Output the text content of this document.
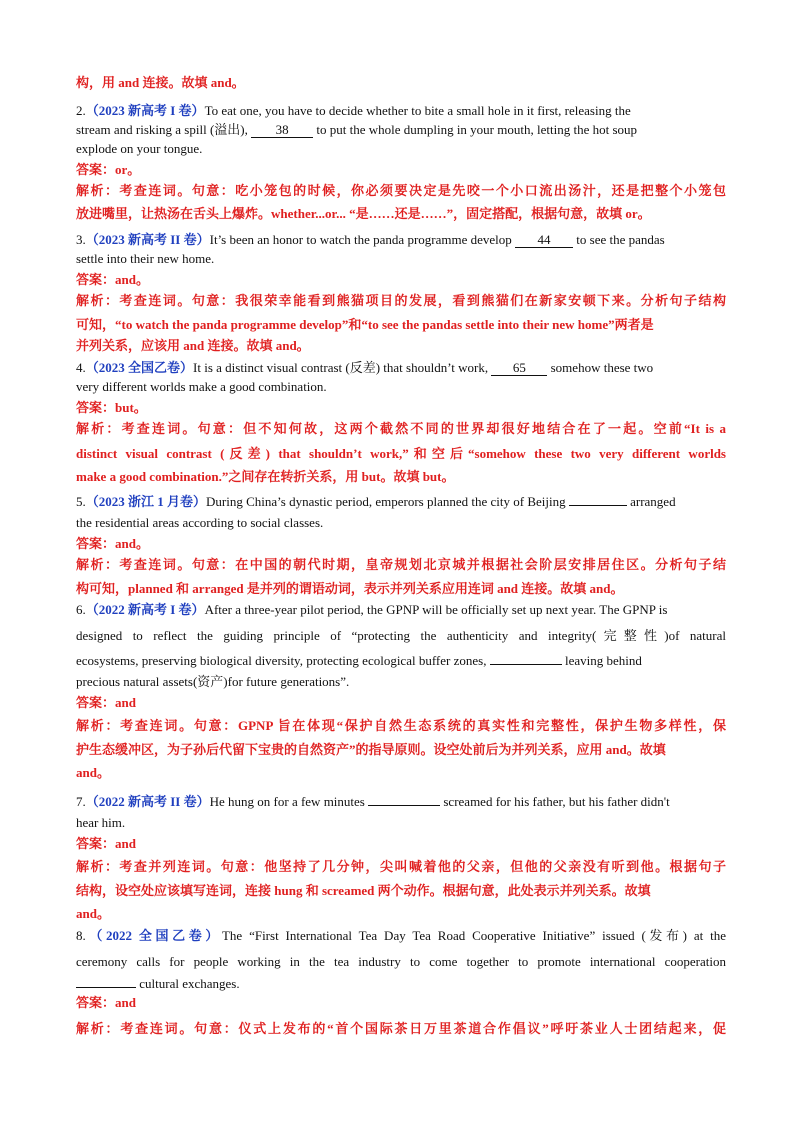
构，用 and 连接。故填 and。
2.（2023 新高考 I 卷）To eat one, you have to decide whether to bite a small hole in it first, releasing the
stream and risking a spill (溢出), 38 to put the whole dumpling in your mouth, letting the hot soup
explode on your tongue.
答案：or。
解析：考查连词。句意：吃小笼包的时候，你必须要决定是先咬一个小口流出汤汁，还是把整个小笼包
放进嘴里，让热汤在舌头上爆炸。whether...or... “是……还是……”，固定搭配，根据句意，故填 or。
3.（2023 新高考 II 卷）It’s been an honor to watch the panda programme develop 44 to see the pandas
settle into their new home.
答案：and。
解析：考查连词。句意：我很荣幸能看到熊猫项目的发展，看到熊猫们在新家安顿下来。分析句子结构
可知，“to watch the panda programme develop”和“to see the pandas settle into their new home”两者是
并列关系，应该用 and 连接。故填 and。
4.（2023 全国乙卷）It is a distinct visual contrast (反差) that shouldn’t work, 65 somehow these two
very different worlds make a good combination.
答案：but。
解析：考查连词。句意：但不知何故，这两个截然不同的世界却很好地结合在了一起。空前“It is a
distinct visual contrast (反差) that shouldn’t work,”和空后“somehow these two very different worlds
make a good combination.”之间存在转折关系，用 but。故填 but。
5.（2023 浙江 1 月卷）During China’s dynastic period, emperors planned the city of Beijing	arranged
the residential areas according to social classes.
答案：and。
解析：考查连词。句意：在中国的朝代时期，皇帝规划北京城并根据社会阶层安排居住区。分析句子结
构可知，planned 和 arranged 是并列的谓语动词，表示并列关系应用连词 and 连接。故填 and。
6.（2022 新高考 I 卷）After a three-year pilot period, the GPNP will be officially set up next year. The GPNP is
designed to reflect the guiding principle of “protecting the authenticity and integrity(完整性)of natural
ecosystems, preserving biological diversity, protecting ecological buffer zones,	leaving behind
precious natural assets(资产)for future generations”.
答案：and
解析：考查连词。句意：GPNP 旨在体现“保护自然生态系统的真实性和完整性，保护生物多样性，保
护生态缓冲区，为子孙后代留下宝贵的自然资产”的指导原则。设空处前后为并列关系，应用 and。故填
and。
7.（2022 新高考 II 卷）He hung on for a few minutes	screamed for his father, but his father didn't
hear him.
答案：and
解析：考查并列连词。句意：他坚持了几分钟，尖叫喊着他的父亲，但他的父亲没有听到他。根据句子
结构，设空处应该填写连词，连接 hung 和 screamed 两个动作。根据句意，此处表示并列关系。故填
and。
8.（2022 全国乙卷）The “First International Tea Day Tea Road Cooperative Initiative” issued (发布) at the
ceremony calls for people working in the tea industry to come together to promote international cooperation
cultural exchanges.
答案：and
解析：考查连词。句意：仪式上发布的“首个国际茶日万里茶道合作倡议”呼吁茶业人士团结起来，促
